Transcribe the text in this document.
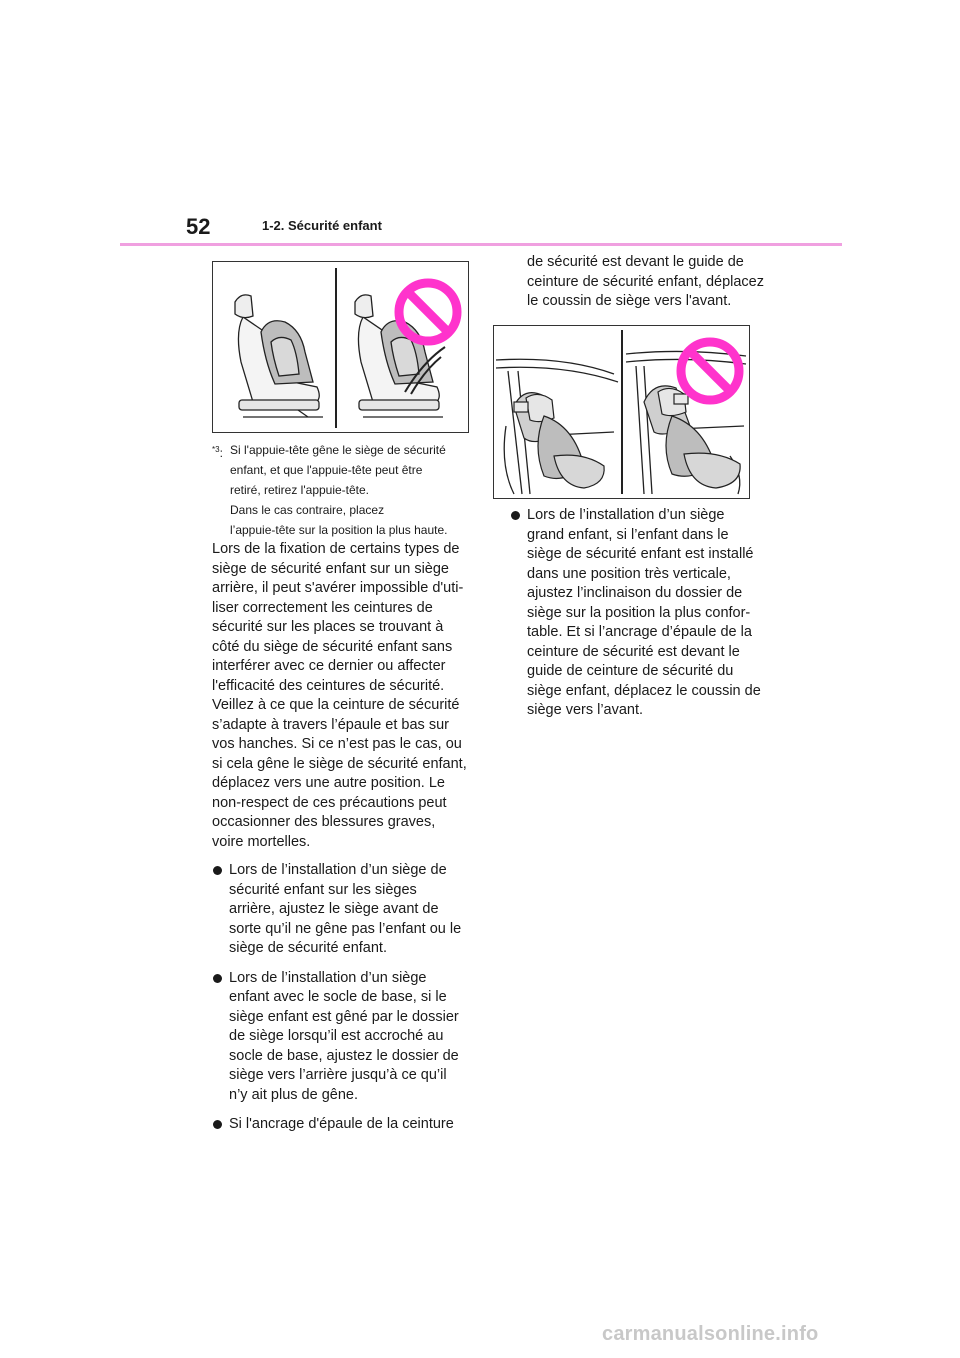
52	1-2. Sécurité enfant
$^{*3}$: Si l'appuie-tête gêne le siège de sécurité
enfant, et que l'appuie-tête peut être
retiré, retirez l'appuie-tête.
Dans le cas contraire, placez
l’appuie-tête sur la position la plus haute.
Lors de la fixation de certains types de
siège de sécurité enfant sur un siège
arrière, il peut s'avérer impossible d'uti-
liser correctement les ceintures de
sécurité sur les places se trouvant à
côté du siège de sécurité enfant sans
interférer avec ce dernier ou affecter
l'efficacité des ceintures de sécurité.
Veillez à ce que la ceinture de sécurité
s’adapte à travers l’épaule et bas sur
vos hanches. Si ce n’est pas le cas, ou
si cela gêne le siège de sécurité enfant,
déplacez vers une autre position. Le
non-respect de ces précautions peut
occasionner des blessures graves,
voire mortelles.
Lors de l’installation d’un siège de
sécurité enfant sur les sièges
arrière, ajustez le siège avant de
sorte qu’il ne gêne pas l’enfant ou le
siège de sécurité enfant.
Lors de l’installation d’un siège
enfant avec le socle de base, si le
siège enfant est gêné par le dossier
de siège lorsqu’il est accroché au
socle de base, ajustez le dossier de
siège vers l’arrière jusqu’à ce qu’il
n’y ait plus de gêne.
Si l'ancrage d'épaule de la ceinture
de sécurité est devant le guide de
ceinture de sécurité enfant, déplacez
le coussin de siège vers l'avant.
Lors de l’installation d’un siège
grand enfant, si l’enfant dans le
siège de sécurité enfant est installé
dans une position très verticale,
ajustez l’inclinaison du dossier de
siège sur la position la plus confor-
table. Et si l’ancrage d’épaule de la
ceinture de sécurité est devant le
guide de ceinture de sécurité du
siège enfant, déplacez le coussin de
siège vers l’avant.
carmanualsonline.info
